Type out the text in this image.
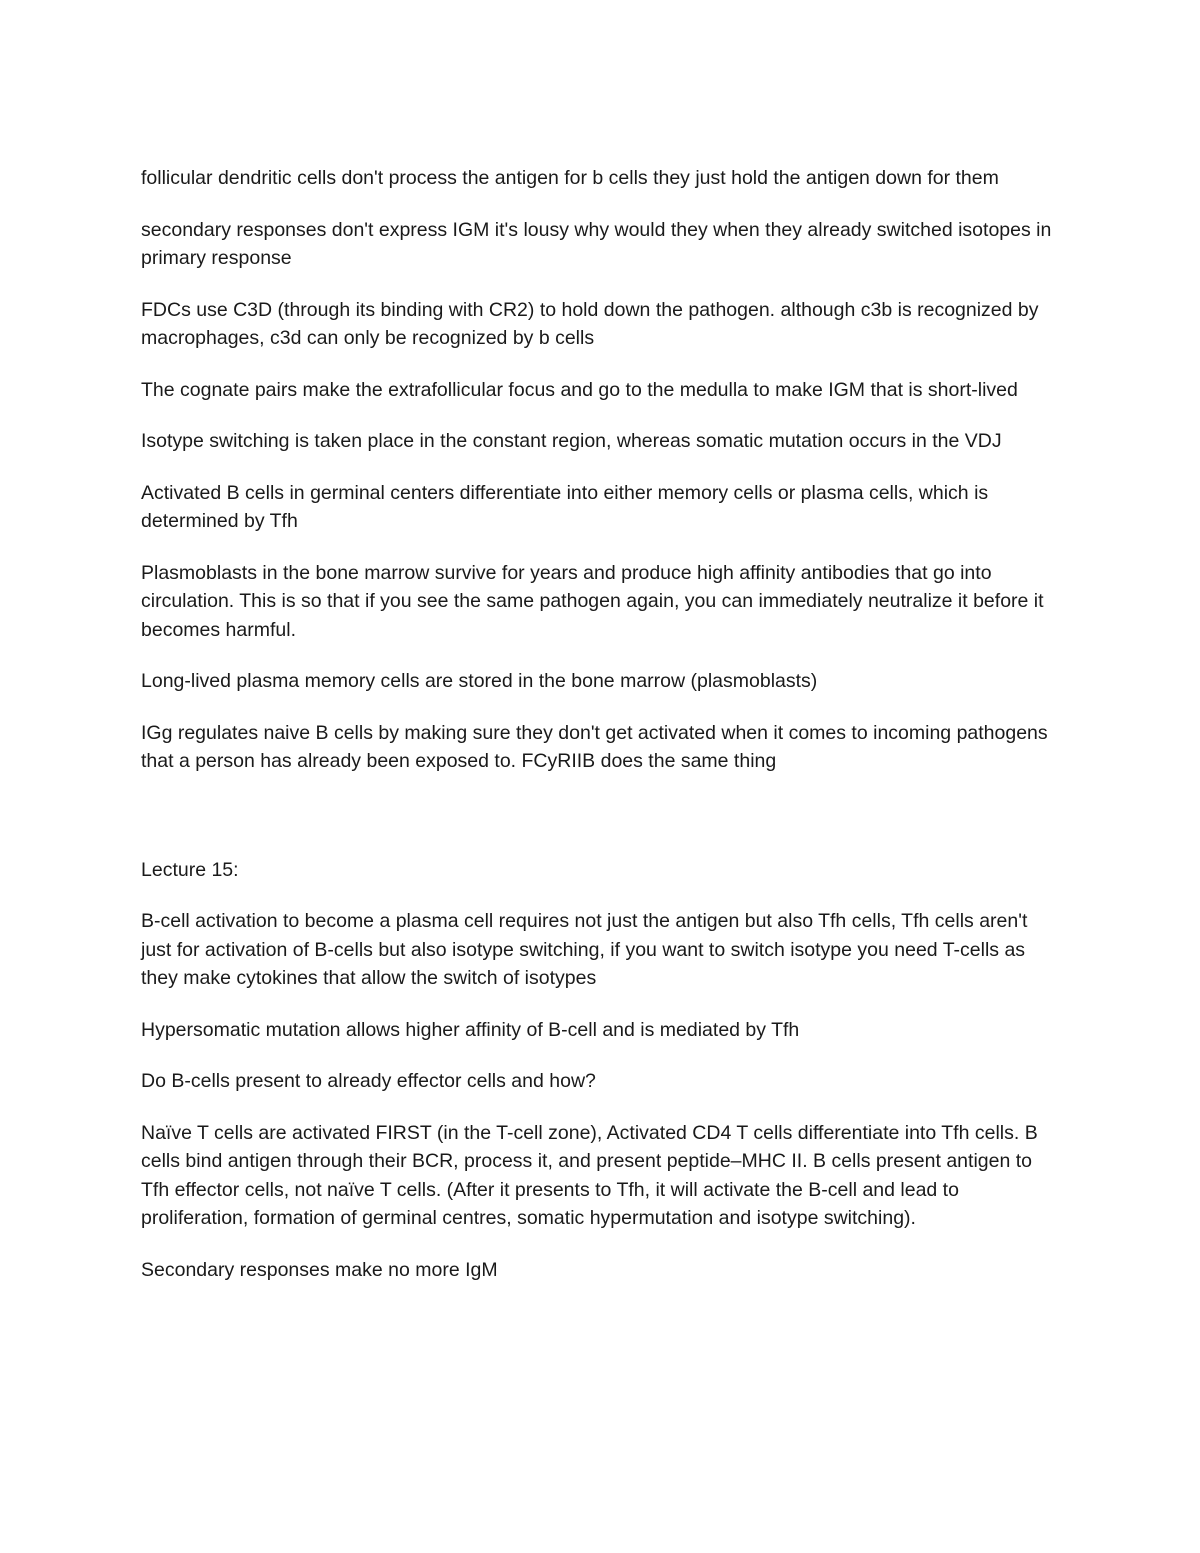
follicular dendritic cells don't process the antigen for b cells they just hold the antigen down for them

secondary responses don't express IGM it's lousy why would they when they already switched isotopes in primary response

FDCs use C3D (through its binding with CR2) to hold down the pathogen. although c3b is recognized by macrophages, c3d can only be recognized by b cells

The cognate pairs make the extrafollicular focus and go to the medulla to make IGM that is short-lived

Isotype switching is taken place in the constant region, whereas somatic mutation occurs in the VDJ

Activated B cells in germinal centers differentiate into either memory cells or plasma cells, which is determined by Tfh

Plasmoblasts in the bone marrow survive for years and produce high affinity antibodies that go into circulation. This is so that if you see the same pathogen again, you can immediately neutralize it before it becomes harmful.

Long-lived plasma memory cells are stored in the bone marrow (plasmoblasts)

IGg regulates naive B cells by making sure they don't get activated when it comes to incoming pathogens that a person has already been exposed to. FCyRIIB does the same thing

Lecture 15:

B-cell activation to become a plasma cell requires not just the antigen but also Tfh cells, Tfh cells aren't just for activation of B-cells but also isotype switching, if you want to switch isotype you need T-cells as they make cytokines that allow the switch of isotypes

Hypersomatic mutation allows higher affinity of B-cell and is mediated by Tfh

Do B-cells present to already effector cells and how?

Naïve T cells are activated FIRST (in the T-cell zone), Activated CD4 T cells differentiate into Tfh cells. B cells bind antigen through their BCR, process it, and present peptide–MHC II. B cells present antigen to Tfh effector cells, not naïve T cells. (After it presents to Tfh, it will activate the B-cell and lead to proliferation, formation of germinal centres, somatic hypermutation and isotype switching).

Secondary responses make no more IgM
